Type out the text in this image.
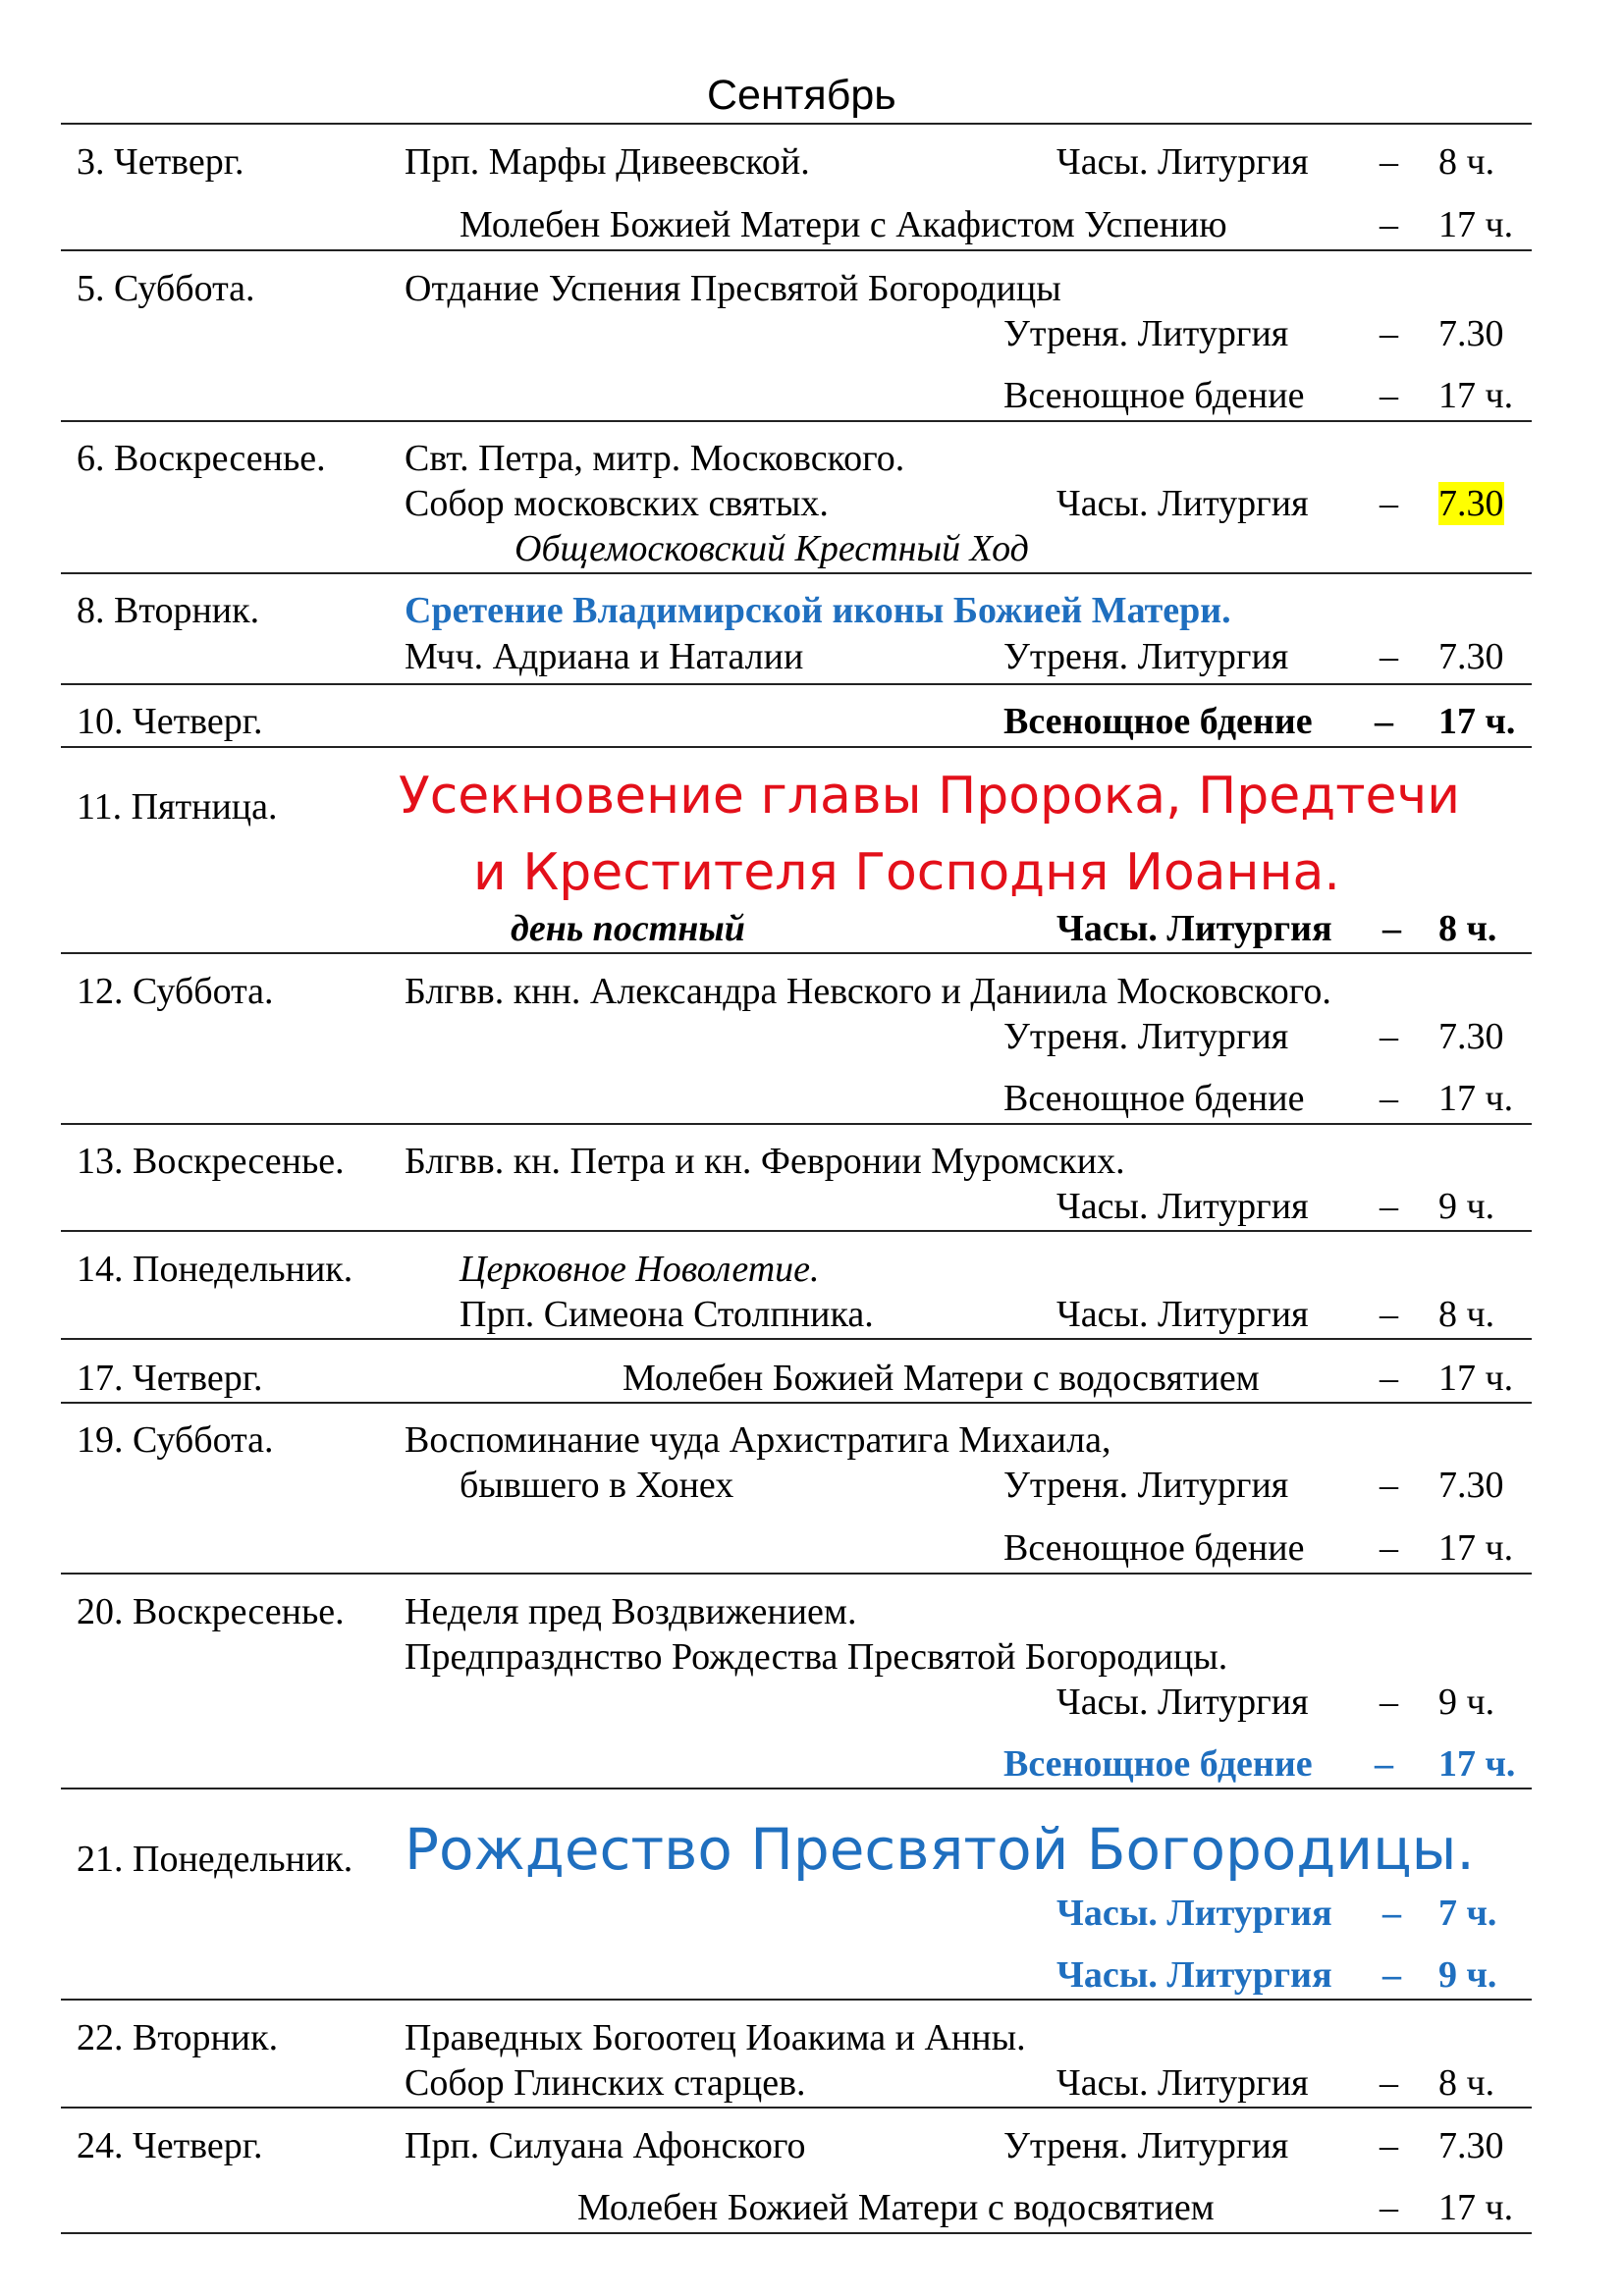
Сентябрь
3. Четверг.	Прп. Марфы Дивеевской.	Часы. Литургия – 8 ч.
Молебен Божией Матери с Акафистом Успению	– 17 ч.
5. Суббота.	Отдание Успения Пресвятой Богородицы
Утреня. Литургия – 7.30
Всенощное бдение – 17 ч.
6. Воскресенье. Свт. Петра, митр. Московского.
Собор московских святых.	Часы. Литургия – 7.30
Общемосковский Крестный Ход
8. Вторник.	Сретение Владимирской иконы Божией Матери.
Мчч. Адриана и Наталии	Утреня. Литургия – 7.30
10. Четверг.	Всенощное бдение – 17 ч.
11. Пятница. Усекновение главы Пророка, Предтечи
и Крестителя Господня Иоанна.
день постный	Часы. Литургия – 8 ч.
12. Суббота.	Блгвв. кнн. Александра Невского и Даниила Московского.
Утреня. Литургия – 7.30
Всенощное бдение – 17 ч.
13. Воскресенье. Блгвв. кн. Петра и кн. Февронии Муромских.
Часы. Литургия – 9 ч.
14. Понедельник.	Церковное Новолетие.
Прп. Симеона Столпника.	Часы. Литургия – 8 ч.
17. Четверг.	Молебен Божией Матери с водосвятием	– 17 ч.
19. Суббота.	Воспоминание чуда Архистратига Михаила,
бывшего в Хонех	Утреня. Литургия – 7.30
Всенощное бдение – 17 ч.
20. Воскресенье. Неделя пред Воздвижением.
Предпразднство Рождества Пресвятой Богородицы.
Часы. Литургия – 9 ч.
Всенощное бдение – 17 ч.
21. Понедельник. Рождество Пресвятой Богородицы.
Часы. Литургия – 7 ч.
Часы. Литургия – 9 ч.
22. Вторник.	Праведных Богоотец Иоакима и Анны.
Собор Глинских старцев.	Часы. Литургия – 8 ч.
24. Четверг.	Прп. Силуана Афонского	Утреня. Литургия – 7.30
Молебен Божией Матери с водосвятием	– 17 ч.
